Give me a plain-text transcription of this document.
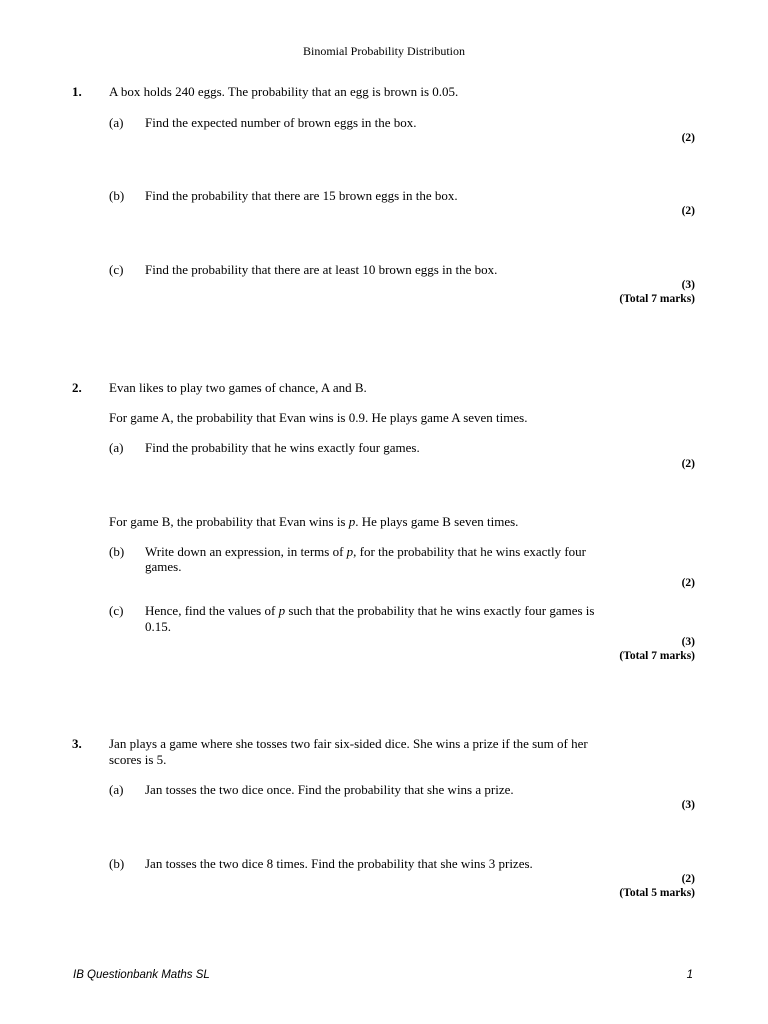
Binomial Probability Distribution
1. A box holds 240 eggs. The probability that an egg is brown is 0.05.
(a) Find the expected number of brown eggs in the box.
(2)
(b) Find the probability that there are 15 brown eggs in the box.
(2)
(c) Find the probability that there are at least 10 brown eggs in the box.
(3)
(Total 7 marks)
2. Evan likes to play two games of chance, A and B.
For game A, the probability that Evan wins is 0.9. He plays game A seven times.
(a) Find the probability that he wins exactly four games.
(2)
For game B, the probability that Evan wins is p. He plays game B seven times.
(b) Write down an expression, in terms of p, for the probability that he wins exactly four
games.
(2)
(c) Hence, find the values of p such that the probability that he wins exactly four games is
0.15.
(3)
(Total 7 marks)
3. Jan plays a game where she tosses two fair six-sided dice. She wins a prize if the sum of her
scores is 5.
(a) Jan tosses the two dice once. Find the probability that she wins a prize.
(3)
(b) Jan tosses the two dice 8 times. Find the probability that she wins 3 prizes.
(2)
(Total 5 marks)
IB Questionbank Maths SL	1
